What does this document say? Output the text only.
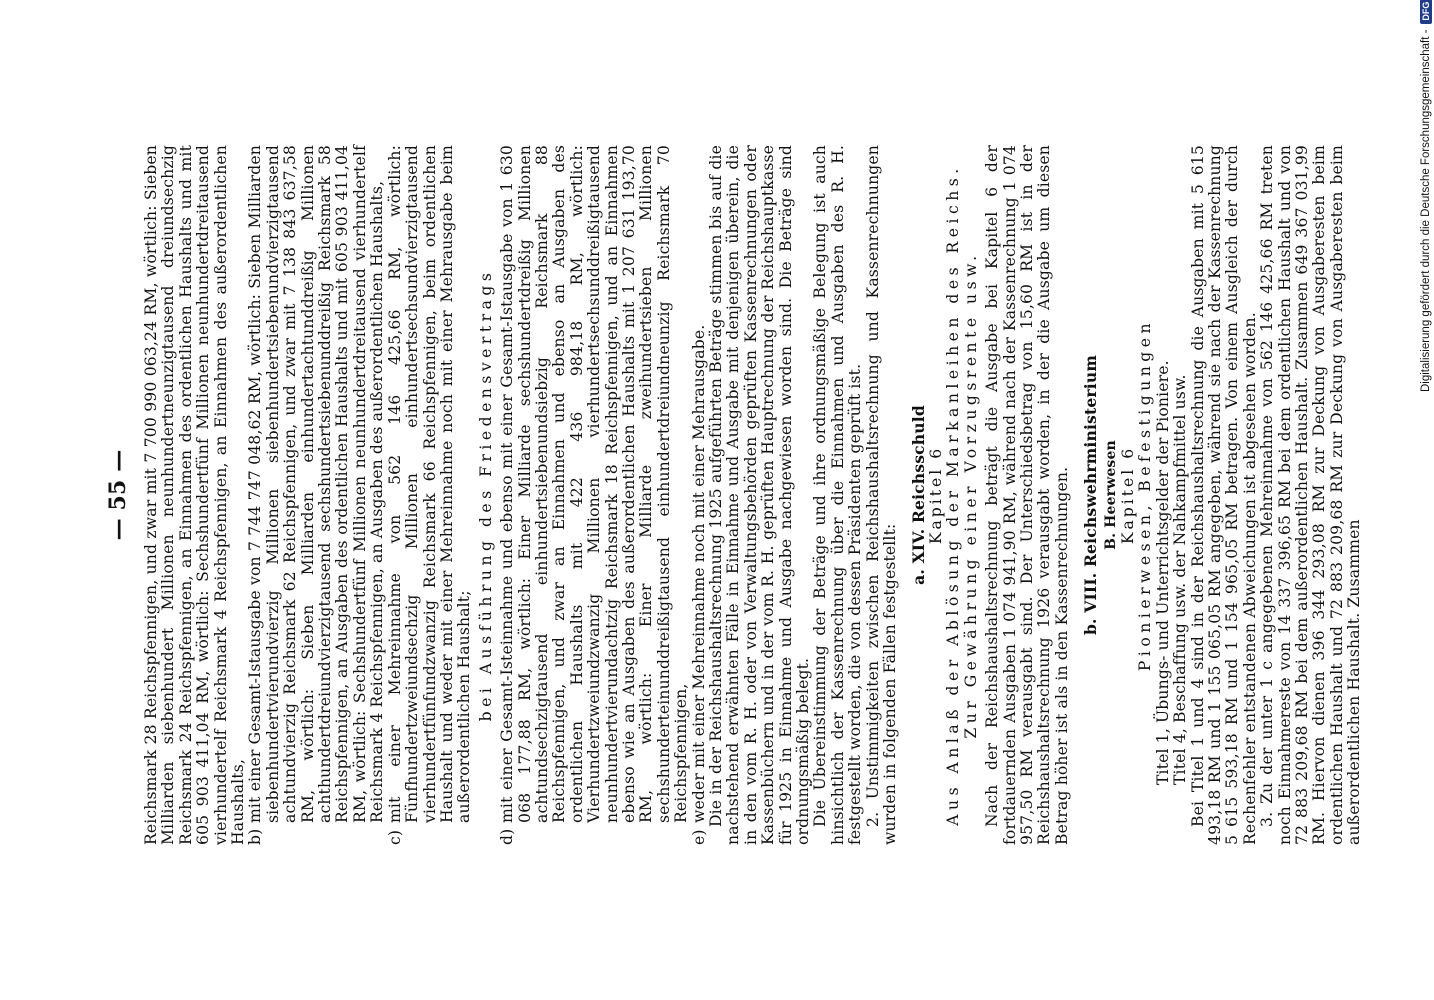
— 55 — Reichsmark 28 Reichspfennigen, und zwar mit 7 700 990 063,24 RM, wörtlich: Sieben Milliarden siebenhundert Millionen neunhundertneunzigtausend dreiundsechzig Reichsmark 24 Reichspfennigen, an Einnahmen des ordentlichen Haushalts und mit 605 903 411,04 RM, wörtlich: Sechshundertfünf Millionen neunhundertdreitausend vierhundertelf Reichsmark 4 Reichspfennigen, an Einnahmen des außerordentlichen Haushalts, b)
mit einer Gesamt-Istausgabe von 7 744 747 048,62 RM, wörtlich: Sieben Milliarden siebenhundertvierundvierzig Millionen siebenhundertsiebenundvierzigtausend achtundvierzig Reichsmark 62 Reichspfennigen, und zwar mit 7 138 843 637,58 RM, wörtlich: Sieben Milliarden einhundertachtunddreißig Millionen achthundertdreiundvierzigtausend sechshundertsiebenunddreißig Reichsmark 58 Reichspfennigen, an Ausgaben des ordentlichen Haushalts und mit 605 903 411,04 RM, wörtlich: Sechshundertfünf Millionen neunhundertdreitausend vierhundertelf Reichsmark 4 Reichspfennigen, an Ausgaben des außerordentlichen Haushalts,
c)
mit einer Mehreinnahme von 562 146 425,66 RM, wörtlich: Fünfhundertzweiundsechzig Millionen einhundertsechsundvierzigtausend vierhundertfünfundzwanzig Reichsmark 66 Reichspfennigen, beim ordentlichen Haushalt und weder mit einer Mehreinnahme noch mit einer Mehrausgabe beim außerordentlichen Haushalt; bei Ausführung des Friedensvertrags
d)
mit einer Gesamt-Isteinnahme und ebenso mit einer Gesamt-Istausgabe von 1 630 068 177,88 RM, wörtlich: Einer Milliarde sechshundertdreißig Millionen achtundsechzigtausend einhundertsiebenundsiebzig Reichsmark 88 Reichspfennigen, und zwar an Einnahmen und ebenso an Ausgaben des ordentlichen Haushalts mit 422 436 984,18 RM, wörtlich: Vierhundertzweiundzwanzig Millionen vierhundertsechsunddreißigtausend neunhundertvierundachtzig Reichsmark 18 Reichspfennigen, und an Einnahmen ebenso wie an Ausgaben des außerordentlichen Haushalts mit 1 207 631 193,70 RM, wörtlich: Einer Milliarde zweihundertsieben Millionen sechshunderteinunddreißigtausend einhundertdreiundneunzig Reichsmark 70 Reichspfennigen,
e)
weder mit einer Mehreinnahme noch mit einer Mehrausgabe. Die in der Reichshaushaltsrechnung 1925 aufgeführten Beträge stimmen bis auf die nachstehend erwähnten Fälle in Einnahme und Ausgabe mit denjenigen überein, die in den vom R. H. oder von Verwaltungsbehörden geprüften Kassenrechnungen oder Kassenbüchern und in der vom R. H. geprüften Hauptrechnung der Reichshauptkasse für 1925 in Einnahme und Ausgabe nachgewiesen worden sind. Die Beträge sind ordnungsmäßig belegt. Die Übereinstimmung der Beträge und ihre ordnungsmäßige Belegung ist auch hinsichtlich der Kassenrechnung über die Einnahmen und Ausgaben des R. H. festgestellt worden, die von dessen Präsidenten geprüft ist. 2. Unstimmigkeiten zwischen Reichshaushaltsrechnung und Kassenrechnungen wurden in folgenden Fällen festgestellt:

a. XIV. Reichsschuld
Kapitel 6 Aus Anlaß der Ablösung der Markanleihen des Reichs. Zur Gewährung einer Vorzugsrente usw. Nach der Reichshaushaltsrechnung beträgt die Ausgabe bei Kapitel 6 der fortdauernden Ausgaben 1 074 941,90 RM, während nach der Kassenrechnung 1 074 957,50 RM verausgabt sind. Der Unterschiedsbetrag von 15,60 RM ist in der Reichshaushaltsrechnung 1926 verausgabt worden, in der die Ausgabe um diesen Betrag höher ist als in den Kassenrechnungen. b. VIII. Reichswehrministerium B. Heerwesen Kapitel 6 Pionierwesen, Befestigungen Titel 1, Übungs- und Unterrichtsgelder der Pioniere. Titel 4, Beschaffung usw. der Nahkampfmittel usw. Bei Titel 1 und 4 sind in der Reichshaushaltsrechnung die Ausgaben mit 5 615 493,18 RM und 1 155 065,05 RM angegeben, während sie nach der Kassenrechnung 5 615 593,18 RM und 1 154 965,05 RM betragen. Von einem Ausgleich der durch Rechenfehler entstandenen Abweichungen ist abgesehen worden. 3. Zu der unter 1 c angegebenen Mehreinnahme von 562 146 425,66 RM treten noch Einnahmereste von 14 337 396,65 RM bei dem ordentlichen Haushalt und von 72 883 209,68 RM bei dem außerordentlichen Haushalt. Zusammen 649 367 031,99 RM. Hiervon dienen 396 344 293,08 RM zur Deckung von Ausgaberesten beim ordentlichen Haushalt und 72 883 209,68 RM zur Deckung von Ausgaberesten beim außerordentlichen Haushalt. Zusammen

Digitalisierung gefördert durch die Deutsche Forschungsgemeinschaft -
DFG
